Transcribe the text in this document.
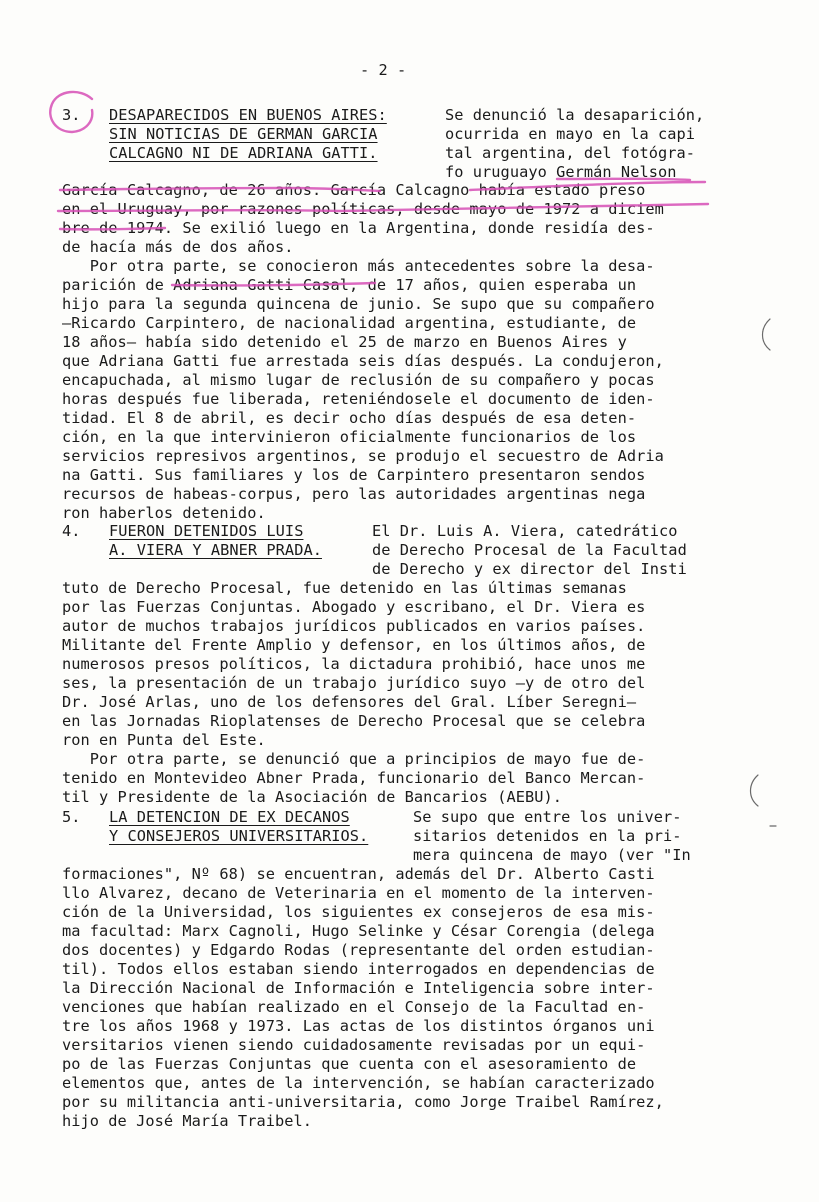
- 2 -
3. DESAPARECIDOS EN BUENOS AIRES:
SIN NOTICIAS DE GERMAN GARCIA
CALCAGNO NI DE ADRIANA GATTI.
Se denunció la desaparición,
ocurrida en mayo en la capi
tal argentina, del fotógra-
fo uruguayo Germán Nelson
García Calcagno, de 26 años. García Calcagno había estado preso
en el Uruguay, por razones políticas, desde mayo de 1972 a diciem
bre de 1974. Se exilió luego en la Argentina, donde residía des-
de hacía más de dos años.
Por otra parte, se conocieron más antecedentes sobre la desa-
parición de Adriana Gatti Casal, de 17 años, quien esperaba un
hijo para la segunda quincena de junio. Se supo que su compañero
—Ricardo Carpintero, de nacionalidad argentina, estudiante, de
18 años— había sido detenido el 25 de marzo en Buenos Aires y
que Adriana Gatti fue arrestada seis días después. La condujeron,
encapuchada, al mismo lugar de reclusión de su compañero y pocas
horas después fue liberada, reteniéndosele el documento de iden-
tidad. El 8 de abril, es decir ocho días después de esa deten-
ción, en la que intervinieron oficialmente funcionarios de los
servicios represivos argentinos, se produjo el secuestro de Adria
na Gatti. Sus familiares y los de Carpintero presentaron sendos
recursos de habeas-corpus, pero las autoridades argentinas nega
ron haberlos detenido.
4. FUERON DETENIDOS LUIS
A. VIERA Y ABNER PRADA.
El Dr. Luis A. Viera, catedrático
de Derecho Procesal de la Facultad
de Derecho y ex director del Insti
tuto de Derecho Procesal, fue detenido en las últimas semanas
por las Fuerzas Conjuntas. Abogado y escribano, el Dr. Viera es
autor de muchos trabajos jurídicos publicados en varios países.
Militante del Frente Amplio y defensor, en los últimos años, de
numerosos presos políticos, la dictadura prohibió, hace unos me
ses, la presentación de un trabajo jurídico suyo —y de otro del
Dr. José Arlas, uno de los defensores del Gral. Líber Seregni—
en las Jornadas Rioplatenses de Derecho Procesal que se celebra
ron en Punta del Este.
Por otra parte, se denunció que a principios de mayo fue de-
tenido en Montevideo Abner Prada, funcionario del Banco Mercan-
til y Presidente de la Asociación de Bancarios (AEBU).
5. LA DETENCION DE EX DECANOS
Y CONSEJEROS UNIVERSITARIOS.
Se supo que entre los univer-
sitarios detenidos en la pri-
mera quincena de mayo (ver "In
formaciones", Nº 68) se encuentran, además del Dr. Alberto Casti
llo Alvarez, decano de Veterinaria en el momento de la interven-
ción de la Universidad, los siguientes ex consejeros de esa mis-
ma facultad: Marx Cagnoli, Hugo Selinke y César Corengia (delega
dos docentes) y Edgardo Rodas (representante del orden estudian-
til). Todos ellos estaban siendo interrogados en dependencias de
la Dirección Nacional de Información e Inteligencia sobre inter-
venciones que habían realizado en el Consejo de la Facultad en-
tre los años 1968 y 1973. Las actas de los distintos órganos uni
versitarios vienen siendo cuidadosamente revisadas por un equi-
po de las Fuerzas Conjuntas que cuenta con el asesoramiento de
elementos que, antes de la intervención, se habían caracterizado
por su militancia anti-universitaria, como Jorge Traibel Ramírez,
hijo de José María Traibel.
